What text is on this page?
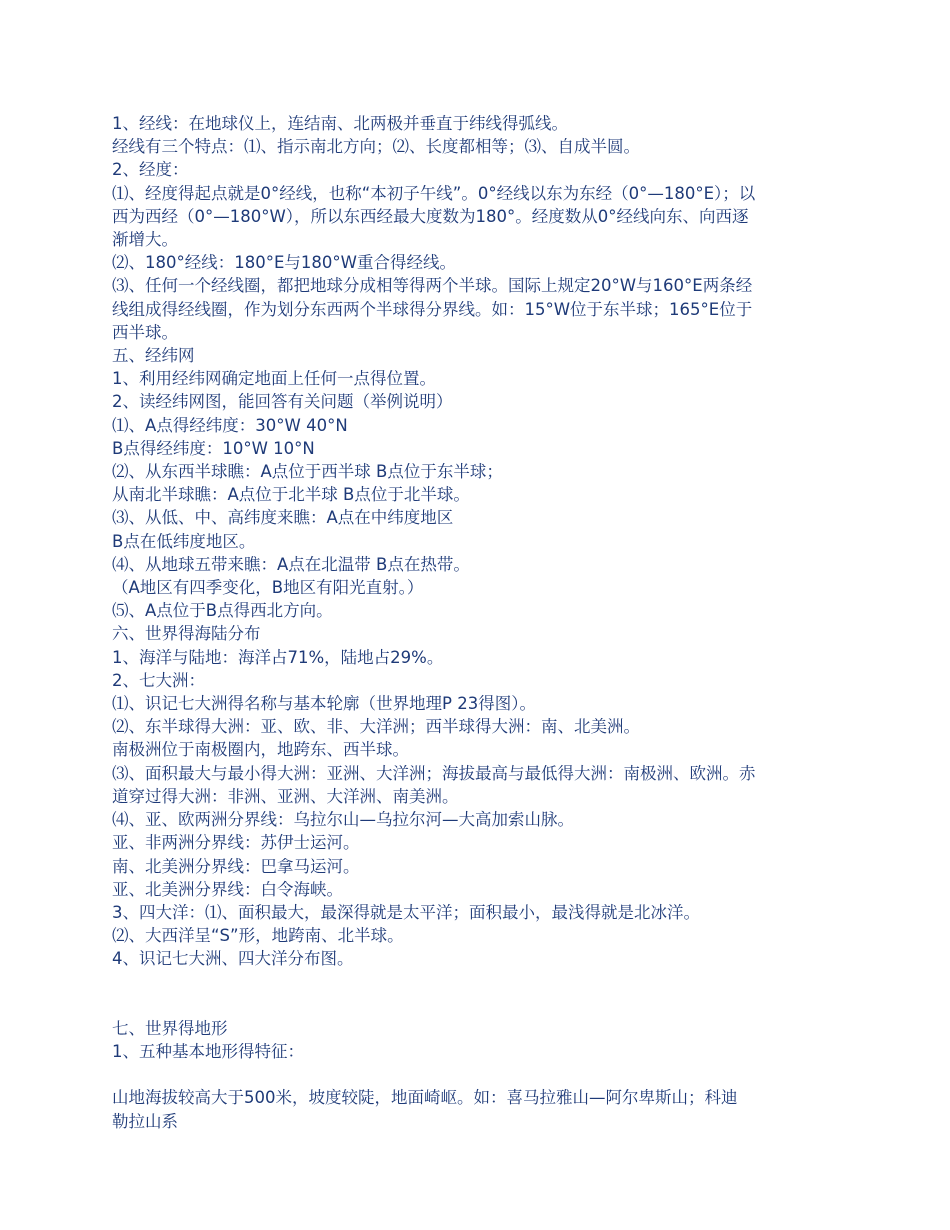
1、经线：在地球仪上，连结南、北两极并垂直于纬线得弧线。
经线有三个特点：⑴、指示南北方向；⑵、长度都相等；⑶、自成半圆。
2、经度：
⑴、经度得起点就是0°经线，也称“本初子午线”。0°经线以东为东经（0°—180°E）；以
西为西经（0°—180°W），所以东西经最大度数为180°。经度数从0°经线向东、向西逐
渐增大。
⑵、180°经线：180°E与180°W重合得经线。
⑶、任何一个经线圈，都把地球分成相等得两个半球。国际上规定20°W与160°E两条经
线组成得经线圈，作为划分东西两个半球得分界线。如：15°W位于东半球；165°E位于
西半球。
五、经纬网
1、利用经纬网确定地面上任何一点得位置。
2、读经纬网图，能回答有关问题（举例说明）
⑴、A点得经纬度：30°W 40°N
B点得经纬度：10°W 10°N
⑵、从东西半球瞧：A点位于西半球 B点位于东半球；
从南北半球瞧：A点位于北半球 B点位于北半球。
⑶、从低、中、高纬度来瞧：A点在中纬度地区
B点在低纬度地区。
⑷、从地球五带来瞧：A点在北温带 B点在热带。
（A地区有四季变化，B地区有阳光直射。）
⑸、A点位于B点得西北方向。
六、世界得海陆分布
1、海洋与陆地：海洋占71%，陆地占29%。
2、七大洲：
⑴、识记七大洲得名称与基本轮廓（世界地理P 23得图）。
⑵、东半球得大洲：亚、欧、非、大洋洲；西半球得大洲：南、北美洲。
南极洲位于南极圈内，地跨东、西半球。
⑶、面积最大与最小得大洲：亚洲、大洋洲；海拔最高与最低得大洲：南极洲、欧洲。赤
道穿过得大洲：非洲、亚洲、大洋洲、南美洲。
⑷、亚、欧两洲分界线：乌拉尔山—乌拉尔河—大高加索山脉。
亚、非两洲分界线：苏伊士运河。
南、北美洲分界线：巴拿马运河。
亚、北美洲分界线：白令海峡。
3、四大洋：⑴、面积最大，最深得就是太平洋；面积最小，最浅得就是北冰洋。
⑵、大西洋呈“S”形，地跨南、北半球。
4、识记七大洲、四大洋分布图。
七、世界得地形
1、五种基本地形得特征：
山地海拔较高大于500米，坡度较陡，地面崎岖。如：喜马拉雅山—阿尔卑斯山；科迪
勒拉山系
